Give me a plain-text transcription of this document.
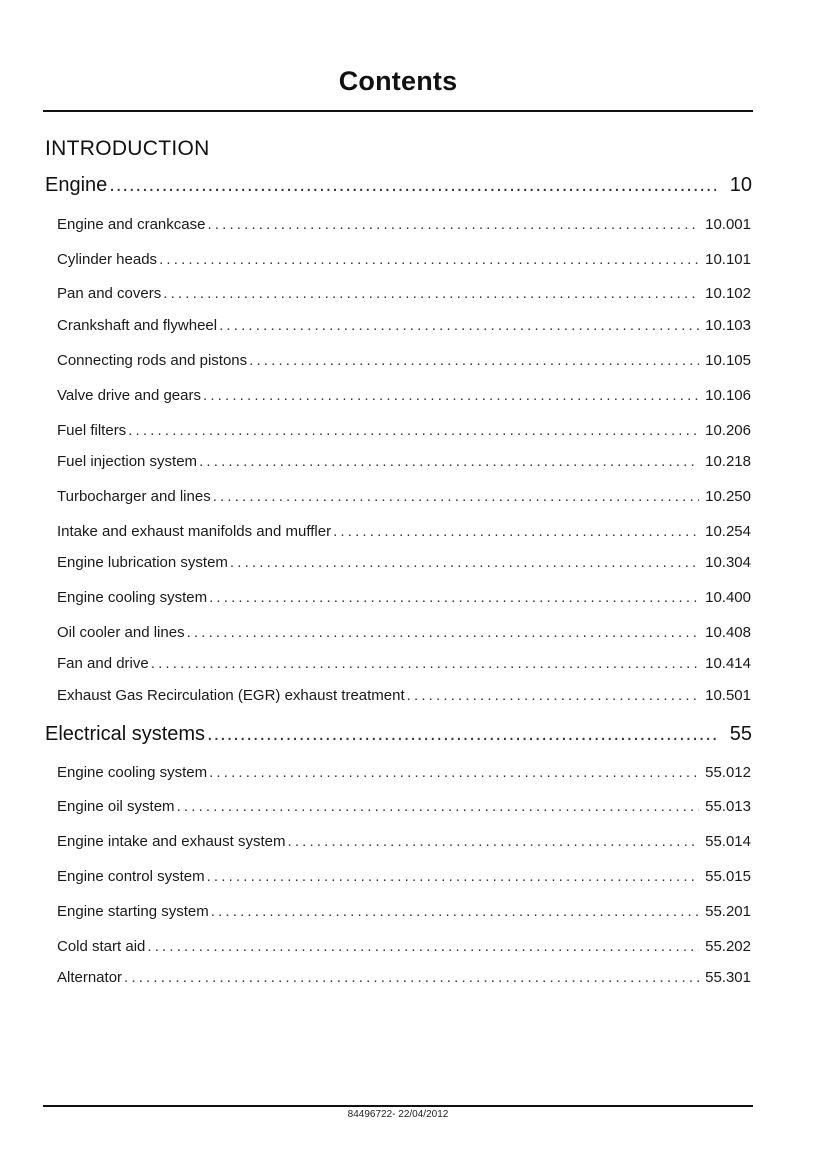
Contents
INTRODUCTION
Engine .....	10
Engine and crankcase . . .	10.001
Cylinder heads . . .	10.101
Pan and covers . . .	10.102
Crankshaft and flywheel . . .	10.103
Connecting rods and pistons . . .	10.105
Valve drive and gears . . .	10.106
Fuel filters . . .	10.206
Fuel injection system . . .	10.218
Turbocharger and lines . . .	10.250
Intake and exhaust manifolds and muffler . . .	10.254
Engine lubrication system . . .	10.304
Engine cooling system . . .	10.400
Oil cooler and lines . . .	10.408
Fan and drive . . .	10.414
Exhaust Gas Recirculation (EGR) exhaust treatment . . .	10.501
Electrical systems .....	55
Engine cooling system . . .	55.012
Engine oil system . . .	55.013
Engine intake and exhaust system . . .	55.014
Engine control system . . .	55.015
Engine starting system . . .	55.201
Cold start aid . . .	55.202
Alternator . . .	55.301
84496722- 22/04/2012
